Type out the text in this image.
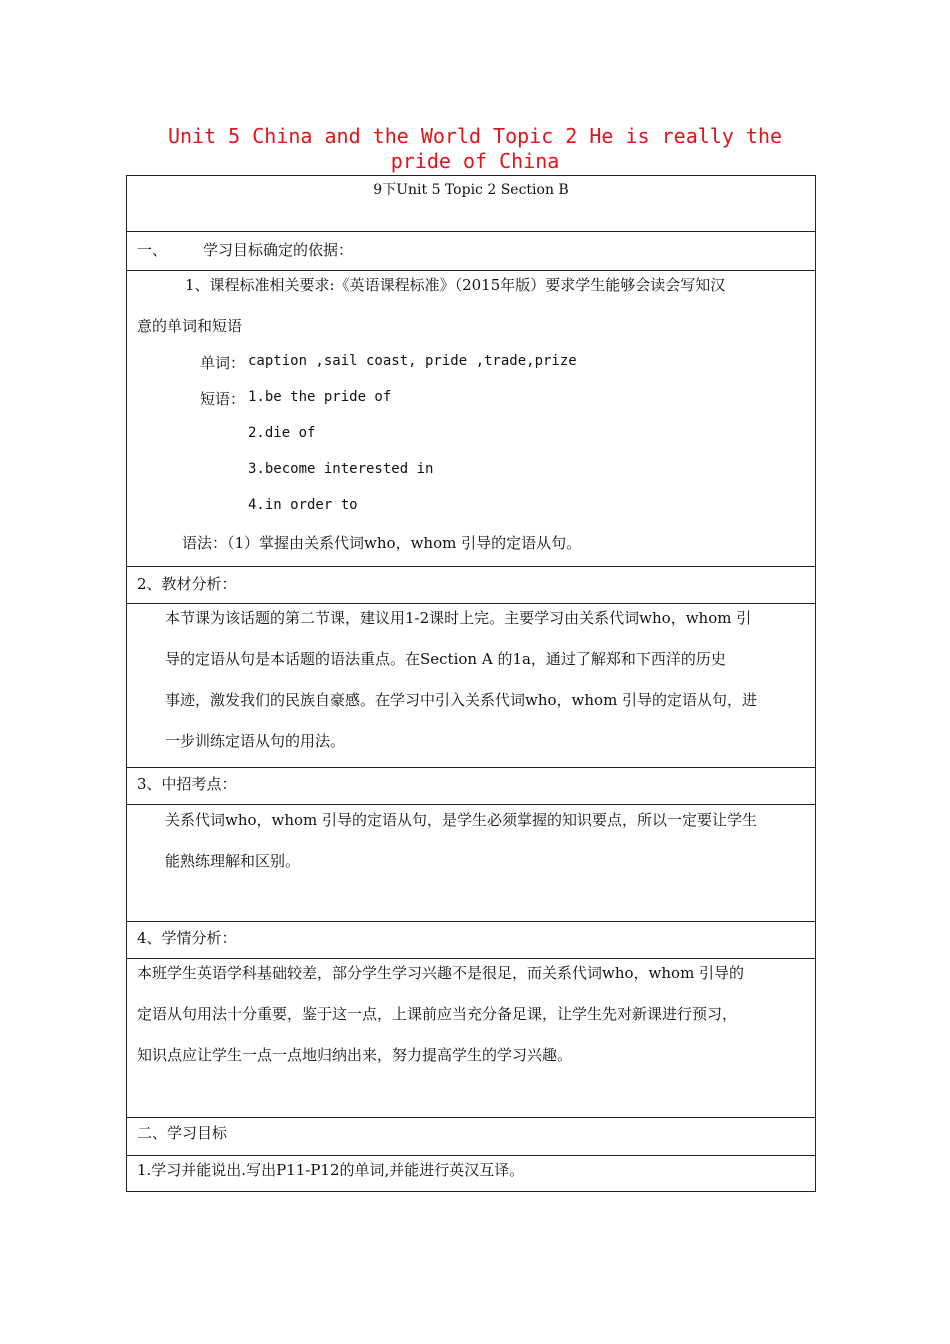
Unit 5 China and the World Topic 2 He is really the pride of China
9下Unit 5 Topic 2 Section B
一、 学习目标确定的依据：
1、课程标准相关要求:《英语课程标准》（2015年版）要求学生能够会读会写知汉
意的单词和短语
单词： caption ,sail coast, pride ,trade,prize
短语： 1.be the pride of
2.die of
3.become interested in
4.in order to
语法：（1）掌握由关系代词who，whom 引导的定语从句。
2、教材分析：
本节课为该话题的第二节课，建议用1-2课时上完。主要学习由关系代词who，whom 引
导的定语从句是本话题的语法重点。在Section A 的1a，通过了解郑和下西洋的历史
事迹，激发我们的民族自豪感。在学习中引入关系代词who，whom 引导的定语从句，进
一步训练定语从句的用法。
3、中招考点：
关系代词who，whom 引导的定语从句，是学生必须掌握的知识要点，所以一定要让学生
能熟练理解和区别。
4、学情分析：
本班学生英语学科基础较差，部分学生学习兴趣不是很足，而关系代词who，whom 引导的
定语从句用法十分重要，鉴于这一点，上课前应当充分备足课，让学生先对新课进行预习，
知识点应让学生一点一点地归纳出来，努力提高学生的学习兴趣。
二、学习目标
1.学习并能说出.写出P11-P12的单词,并能进行英汉互译。
